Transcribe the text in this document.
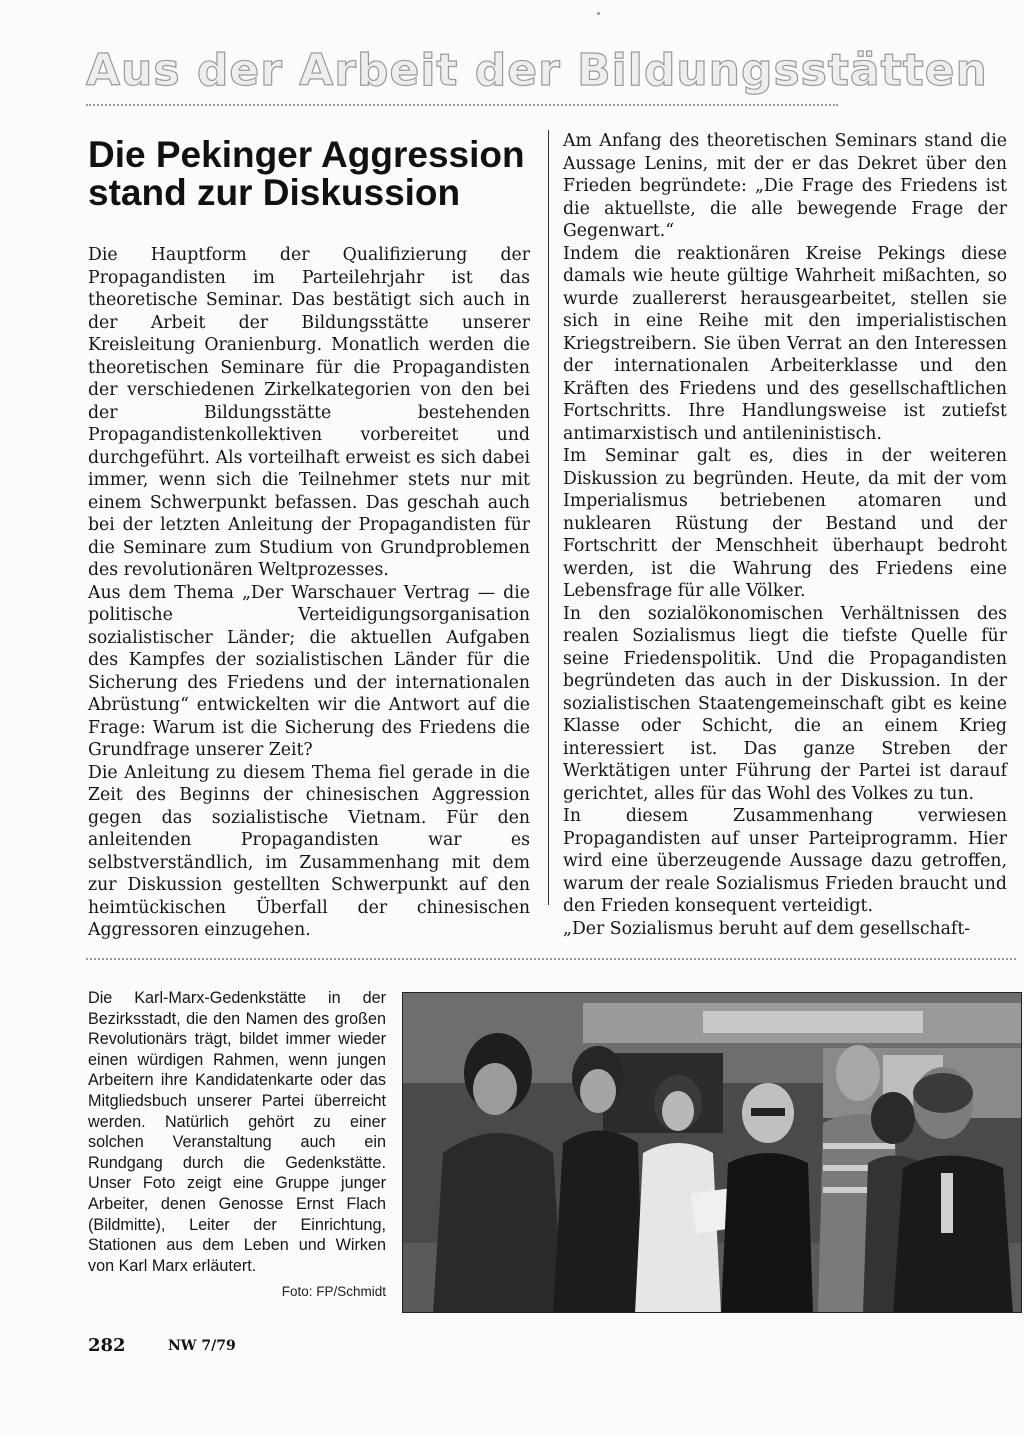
Aus der Arbeit der Bildungsstätten
Die Pekinger Aggression
stand zur Diskussion

Die Hauptform der Qualifizierung der Propagandisten im Parteilehrjahr ist das theoretische Seminar. Das bestätigt sich auch in der Arbeit der Bildungsstätte unserer Kreisleitung Oranienburg. Monatlich werden die theoretischen Seminare für die Propagandisten der verschiedenen Zirkelkategorien von den bei der Bildungsstätte bestehenden Propagandistenkollektiven vorbereitet und durchgeführt. Als vorteilhaft erweist es sich dabei immer, wenn sich die Teilnehmer stets nur mit einem Schwerpunkt befassen. Das geschah auch bei der letzten Anleitung der Propagandisten für die Seminare zum Studium von Grundproblemen des revolutionären Weltprozesses.

Aus dem Thema „Der Warschauer Vertrag — die politische Verteidigungsorganisation sozialistischer Länder; die aktuellen Aufgaben des Kampfes der sozialistischen Länder für die Sicherung des Friedens und der internationalen Abrüstung“ entwickelten wir die Antwort auf die Frage: Warum ist die Sicherung des Friedens die Grundfrage unserer Zeit?

Die Anleitung zu diesem Thema fiel gerade in die Zeit des Beginns der chinesischen Aggression gegen das sozialistische Vietnam. Für den anleitenden Propagandisten war es selbstverständlich, im Zusammenhang mit dem zur Diskussion gestellten Schwerpunkt auf den heimtückischen Überfall der chinesischen Aggressoren einzugehen.

Am Anfang des theoretischen Seminars stand die Aussage Lenins, mit der er das Dekret über den Frieden begründete: „Die Frage des Friedens ist die aktuellste, die alle bewegende Frage der Gegenwart.“

Indem die reaktionären Kreise Pekings diese damals wie heute gültige Wahrheit mißachten, so wurde zuallererst herausgearbeitet, stellen sie sich in eine Reihe mit den imperialistischen Kriegstreibern. Sie üben Verrat an den Interessen der internationalen Arbeiterklasse und den Kräften des Friedens und des gesellschaftlichen Fortschritts. Ihre Handlungsweise ist zutiefst antimarxistisch und antileninistisch.

Im Seminar galt es, dies in der weiteren Diskussion zu begründen. Heute, da mit der vom Imperialismus betriebenen atomaren und nuklearen Rüstung der Bestand und der Fortschritt der Menschheit überhaupt bedroht werden, ist die Wahrung des Friedens eine Lebensfrage für alle Völker.

In den sozialökonomischen Verhältnissen des realen Sozialismus liegt die tiefste Quelle für seine Friedenspolitik. Und die Propagandisten begründeten das auch in der Diskussion. In der sozialistischen Staatengemeinschaft gibt es keine Klasse oder Schicht, die an einem Krieg interessiert ist. Das ganze Streben der Werktätigen unter Führung der Partei ist darauf gerichtet, alles für das Wohl des Volkes zu tun.

In diesem Zusammenhang verwiesen Propagandisten auf unser Parteiprogramm. Hier wird eine überzeugende Aussage dazu getroffen, warum der reale Sozialismus Frieden braucht und den Frieden konsequent verteidigt.

„Der Sozialismus beruht auf dem gesellschaft-

Die Karl-Marx-Gedenkstätte in der Bezirksstadt, die den Namen des großen Revolutionärs trägt, bildet immer wieder einen würdigen Rahmen, wenn jungen Arbeitern ihre Kandidatenkarte oder das Mitgliedsbuch unserer Partei überreicht werden. Natürlich gehört zu einer solchen Veranstaltung auch ein Rundgang durch die Gedenkstätte. Unser Foto zeigt eine Gruppe junger Arbeiter, denen Genosse Ernst Flach (Bildmitte), Leiter der Einrichtung, Stationen aus dem Leben und Wirken von Karl Marx erläutert.
Foto: FP/Schmidt
282	NW 7/79
